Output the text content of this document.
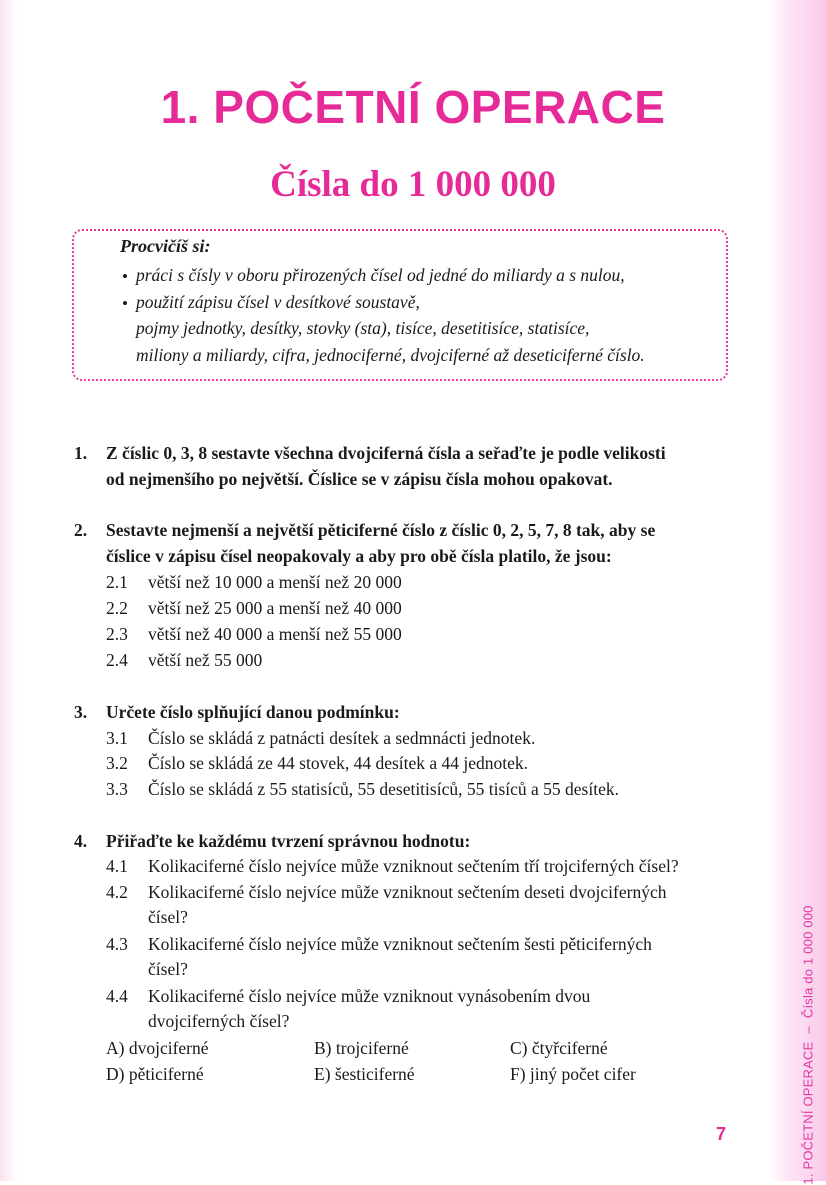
1. POČETNÍ OPERACE–Čísla do 1 000 000
1. POČETNÍ OPERACE
Čísla do 1 000 000
Procvičíš si:
• práci s čísly v oboru přirozených čísel od jedné do miliardy a s nulou,
• použití zápisu čísel v desítkové soustavě,
pojmy jednotky, desítky, stovky (sta), tisíce, desetitisíce, statisíce,
miliony a miliardy, cifra, jednociferné, dvojciferné až deseticiferné číslo.
1. Z číslic 0, 3, 8 sestavte všechna dvojciferná čísla a seřaďte je podle velikosti
od nejmenšího po největší. Číslice se v zápisu čísla mohou opakovat.
2. Sestavte nejmenší a největší pěticiferné číslo z číslic 0, 2, 5, 7, 8 tak, aby se
číslice v zápisu čísel neopakovaly a aby pro obě čísla platilo, že jsou:
2.1 větší než 10 000 a menší než 20 000
2.2 větší než 25 000 a menší než 40 000
2.3 větší než 40 000 a menší než 55 000
2.4 větší než 55 000
3. Určete číslo splňující danou podmínku:
3.1 Číslo se skládá z patnácti desítek a sedmnácti jednotek.
3.2 Číslo se skládá ze 44 stovek, 44 desítek a 44 jednotek.
3.3 Číslo se skládá z 55 statisíců, 55 desetitisíců, 55 tisíců a 55 desítek.
4. Přiřaďte ke každému tvrzení správnou hodnotu:
4.1 Kolikaciferné číslo nejvíce může vzniknout sečtením tří trojciferných čísel?
4.2 Kolikaciferné číslo nejvíce může vzniknout sečtením deseti dvojciferných
čísel?
4.3 Kolikaciferné číslo nejvíce může vzniknout sečtením šesti pěticiferných
čísel?
4.4 Kolikaciferné číslo nejvíce může vzniknout vynásobením dvou
dvojciferných čísel?
A) dvojciferné	B) trojciferné	C) čtyřciferné
D) pěticiferné	E) šesticiferné	F) jiný počet cifer
7
